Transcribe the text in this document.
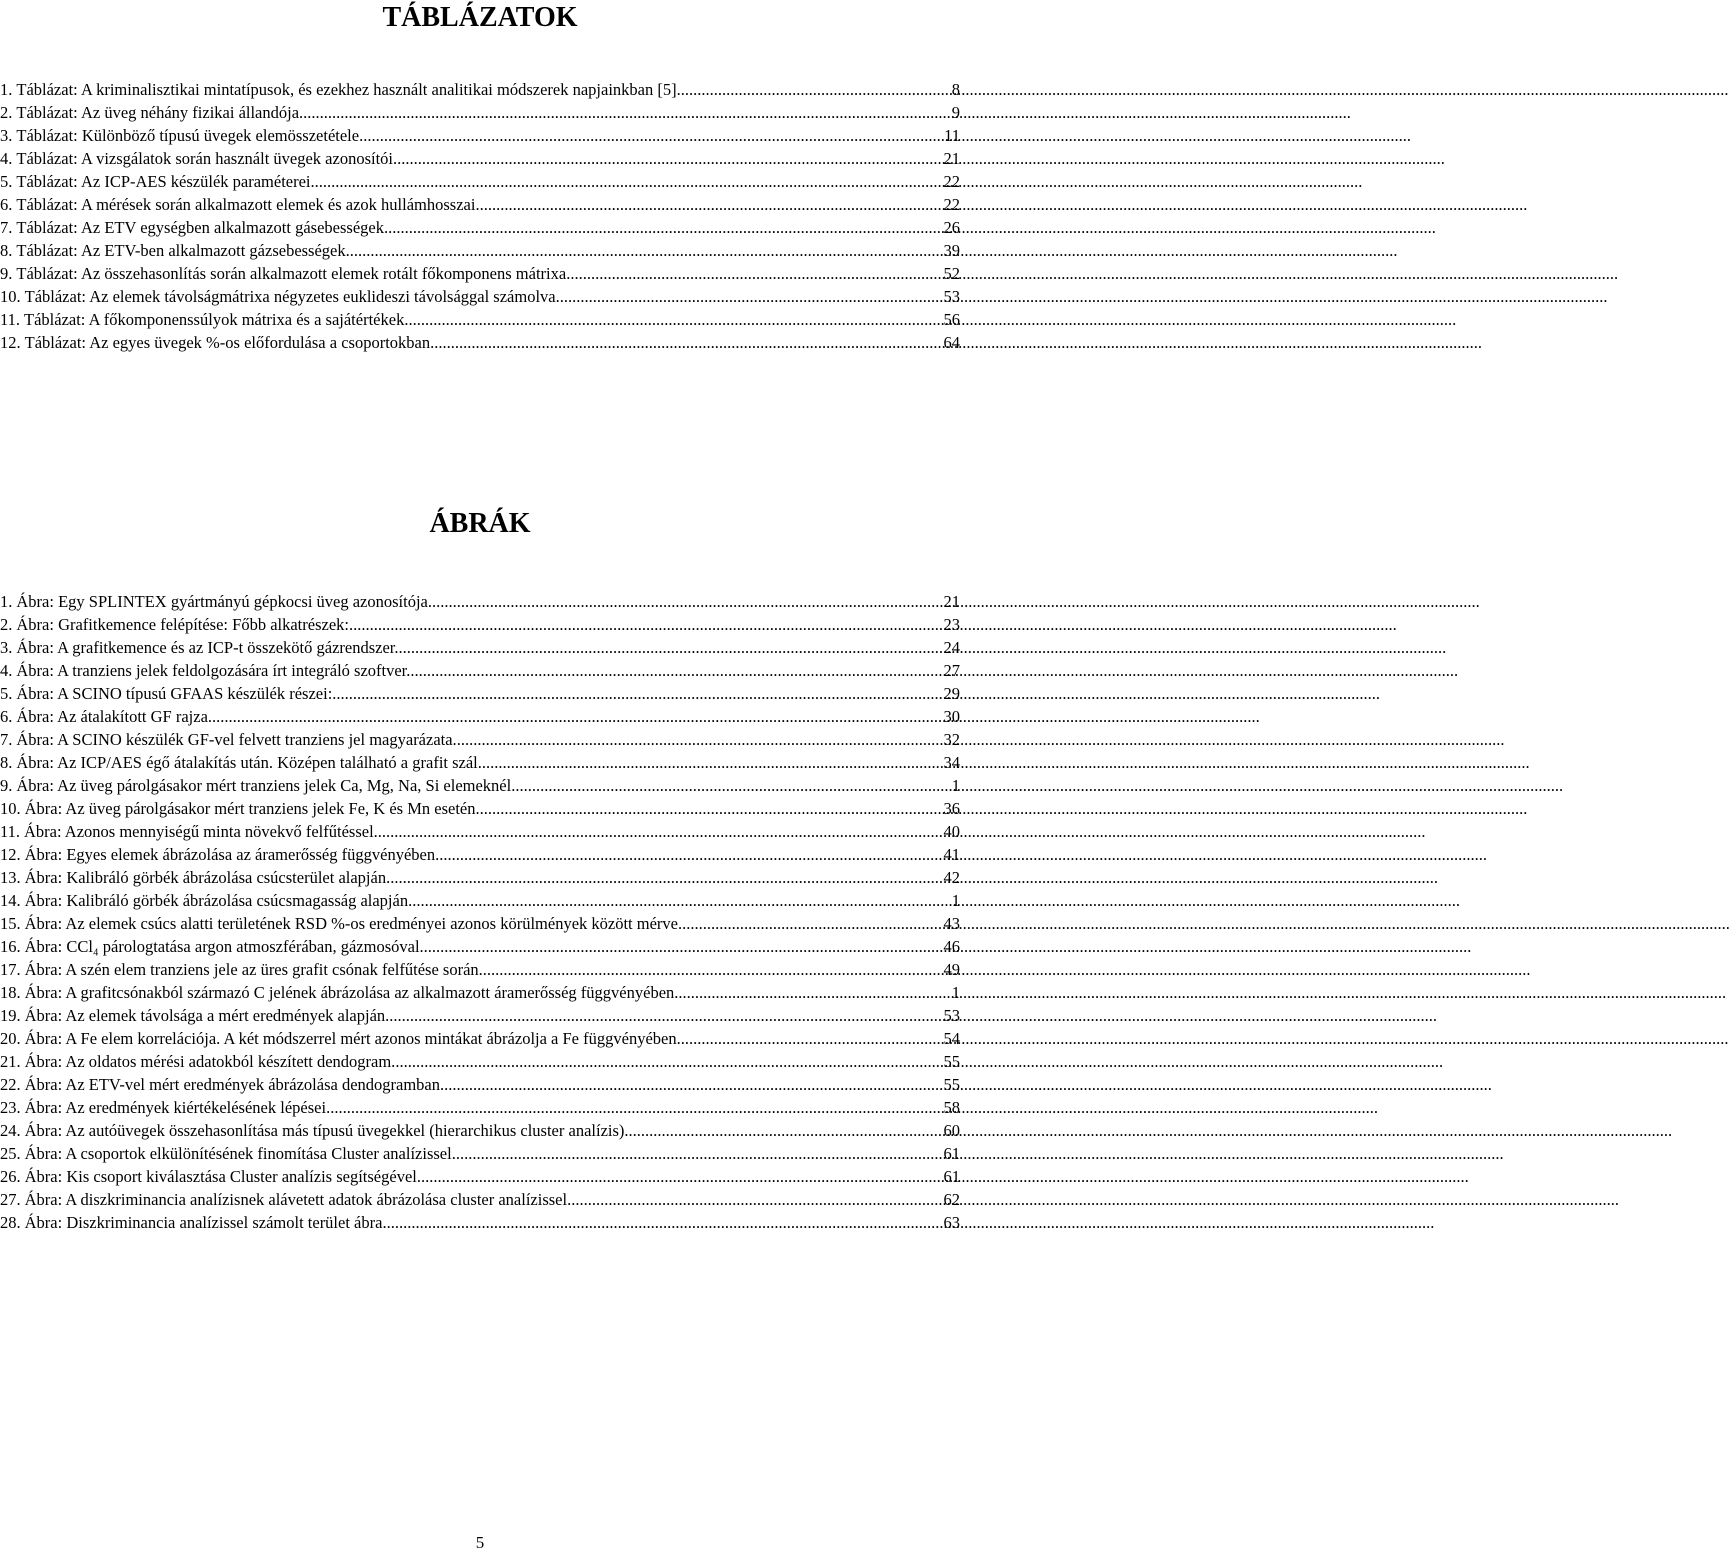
TÁBLÁZATOK
1. Táblázat: A kriminalisztikai mintatípusok, és ezekhez használt analitikai módszerek napjainkban [5]. .....	8
2. Táblázat: Az üveg néhány fizikai állandója. .....	9
3. Táblázat: Különböző típusú üvegek elemösszetétele. .....	11
4. Táblázat: A vizsgálatok során használt üvegek azonosítói. .....	21
5. Táblázat: Az ICP-AES készülék paraméterei. .....	22
6. Táblázat: A mérések során alkalmazott elemek és azok hullámhosszai. .....	22
7. Táblázat: Az ETV egységben alkalmazott gásebességek. .....	26
8. Táblázat: Az ETV-ben alkalmazott gázsebességek. .....	39
9. Táblázat: Az összehasonlítás során alkalmazott elemek rotált főkomponens mátrixa. .....	52
10. Táblázat: Az elemek távolságmátrixa négyzetes euklideszi távolsággal számolva. .....	53
11. Táblázat: A főkomponenssúlyok mátrixa és a sajátértékek. .....	56
12. Táblázat: Az egyes üvegek %-os előfordulása a csoportokban. .....	64
ÁBRÁK
1. Ábra: Egy SPLINTEX gyártmányú gépkocsi üveg azonosítója. .....	21
2. Ábra: Grafitkemence felépítése: Főbb alkatrészek: .....	23
3. Ábra: A grafitkemence és az ICP-t összekötő gázrendszer. .....	24
4. Ábra: A tranziens jelek feldolgozására írt integráló szoftver. .....	27
5. Ábra: A SCINO típusú GFAAS készülék részei: .....	29
6. Ábra: Az átalakított GF rajza. .....	30
7. Ábra: A SCINO készülék GF-vel felvett tranziens jel magyarázata. .....	32
8. Ábra: Az ICP/AES égő átalakítás után. Középen található a grafit szál. .....	34
9. Ábra: Az üveg párolgásakor mért tranziens jelek Ca, Mg, Na, Si elemeknél. .....	1
10. Ábra: Az üveg párolgásakor mért tranziens jelek Fe, K és Mn esetén. .....	36
11. Ábra: Azonos mennyiségű minta növekvő felfűtéssel. .....	40
12. Ábra: Egyes elemek ábrázolása az áramerősség függvényében. .....	41
13. Ábra: Kalibráló görbék ábrázolása csúcsterület alapján. .....	42
14. Ábra: Kalibráló görbék ábrázolása csúcsmagasság alapján. .....	1
15. Ábra: Az elemek csúcs alatti területének RSD %-os eredményei azonos körülmények között mérve. .....	43
16. Ábra: CCl₄ párologtatása argon atmoszférában, gázmosóval. .....	46
17. Ábra: A szén elem tranziens jele az üres grafit csónak felfűtése során. .....	49
18. Ábra: A grafitcsónakból származó C jelének ábrázolása az alkalmazott áramerősség függvényében. .....	1
19. Ábra: Az elemek távolsága a mért eredmények alapján. .....	53
20. Ábra: A Fe elem korrelációja. A két módszerrel mért azonos mintákat ábrázolja a Fe függvényében. .....	54
21. Ábra: Az oldatos mérési adatokból készített dendogram. .....	55
22. Ábra: Az ETV-vel mért eredmények ábrázolása dendogramban. .....	55
23. Ábra: Az eredmények kiértékelésének lépései. .....	58
24. Ábra: Az autóüvegek összehasonlítása más típusú üvegekkel (hierarchikus cluster analízis) .....	60
25. Ábra: A csoportok elkülönítésének finomítása Cluster analízissel. .....	61
26. Ábra: Kis csoport kiválasztása Cluster analízis segítségével. .....	61
27. Ábra: A diszkriminancia analízisnek alávetett adatok ábrázolása cluster analízissel. .....	62
28. Ábra: Diszkriminancia analízissel számolt terület ábra. .....	63
5
